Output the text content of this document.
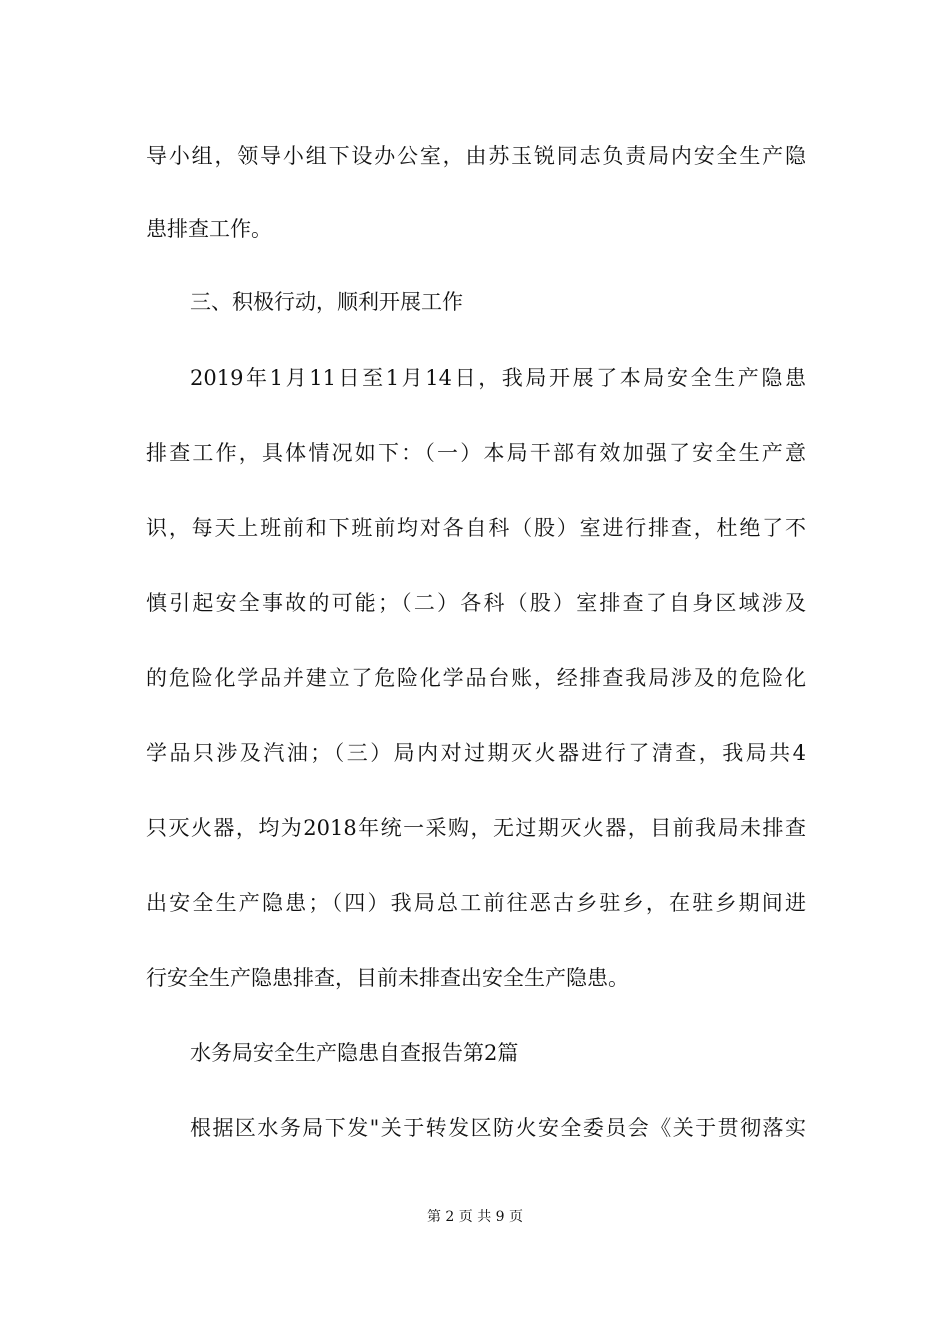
导小组，领导小组下设办公室，由苏玉锐同志负责局内安全生产隐
患排查工作。
三、积极行动，顺利开展工作
2019年1月11日至1月14日，我局开展了本局安全生产隐患
排查工作，具体情况如下：（一）本局干部有效加强了安全生产意
识，每天上班前和下班前均对各自科（股）室进行排查，杜绝了不
慎引起安全事故的可能；（二）各科（股）室排查了自身区域涉及
的危险化学品并建立了危险化学品台账，经排查我局涉及的危险化
学品只涉及汽油；（三）局内对过期灭火器进行了清查，我局共4
只灭火器，均为2018年统一采购，无过期灭火器，目前我局未排查
出安全生产隐患；（四）我局总工前往恶古乡驻乡，在驻乡期间进
行安全生产隐患排查，目前未排查出安全生产隐患。
水务局安全生产隐患自查报告第2篇
根据区水务局下发"关于转发区防火安全委员会《关于贯彻落实
第 2 页 共 9 页
